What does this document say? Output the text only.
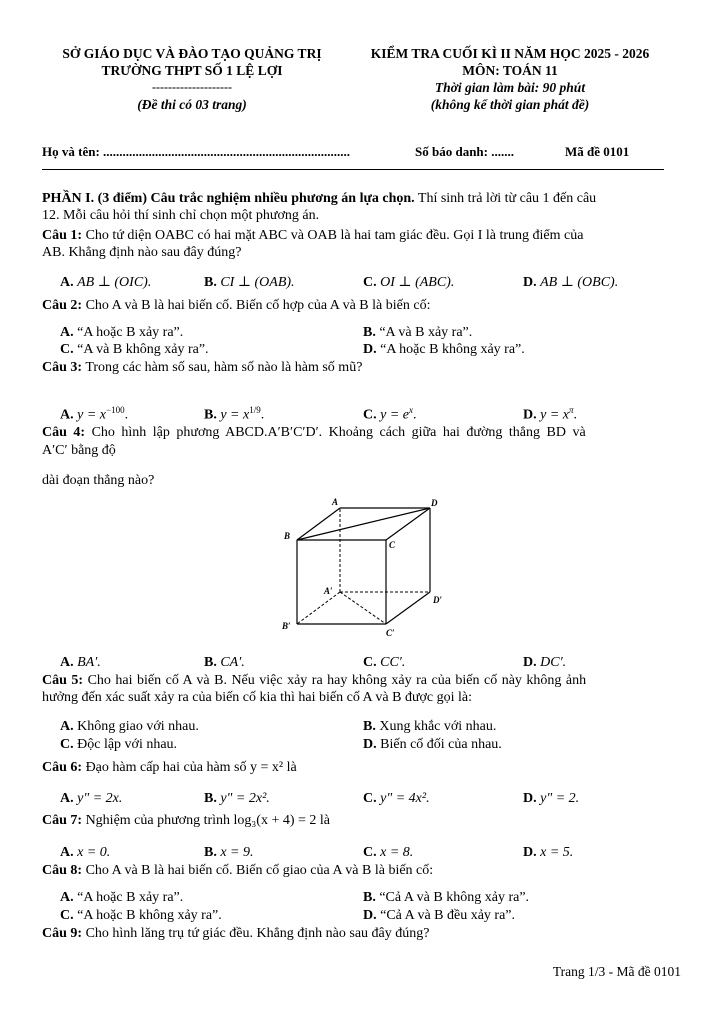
SỞ GIÁO DỤC VÀ ĐÀO TẠO QUẢNG TRỊ
TRƯỜNG THPT SỐ 1 LỆ LỢI
--------------------
(Đề thi có 03 trang)
KIỂM TRA CUỐI KÌ II NĂM HỌC 2025 - 2026
MÔN: TOÁN 11
Thời gian làm bài: 90 phút
(không kể thời gian phát đề)
Họ và tên: ............................................................................	Số báo danh: .......	Mã đề 0101
PHẦN I. (3 điểm) Câu trắc nghiệm nhiều phương án lựa chọn. Thí sinh trả lời từ câu 1 đến câu
12. Mỗi câu hỏi thí sinh chỉ chọn một phương án.
Câu 1: Cho tứ diện OABC có hai mặt ABC và OAB là hai tam giác đều. Gọi I là trung điểm của
AB. Khẳng định nào sau đây đúng?
A. AB ⊥ (OIC).	B. CI ⊥ (OAB).	C. OI ⊥ (ABC).	D. AB ⊥ (OBC).
Câu 2: Cho A và B là hai biến cố. Biến cố hợp của A và B là biến cố:
A. “A hoặc B xảy ra”.	B. “A và B xảy ra”.
C. “A và B không xảy ra”.	D. “A hoặc B không xảy ra”.
Câu 3: Trong các hàm số sau, hàm số nào là hàm số mũ?
A. $y = x^{-100}$.	B. $y = x^{1/9}$.	C. $y = e^x$.	D. $y = x^\pi$.
Câu 4: Cho hình lập phương ABCD.A′B′C′D′. Khoảng cách giữa hai đường thẳng BD và
A′C′ bằng độ
dài đoạn thẳng nào?
A	D
B
C
A′
D′
B′
C′
A. BA′.	B. CA′.	C. CC′.	D. DC′.
Câu 5: Cho hai biến cố A và B. Nếu việc xảy ra hay không xảy ra của biến cố này không ảnh
hưởng đến xác suất xảy ra của biến cố kia thì hai biến cố A và B được gọi là:
A. Không giao với nhau.	B. Xung khắc với nhau.
C. Độc lập với nhau.	D. Biến cố đối của nhau.
Câu 6: Đạo hàm cấp hai của hàm số y = x² là
A. y" = 2x.	B. y" = 2x².	C. y" = 4x².	D. y" = 2.
Câu 7: Nghiệm của phương trình log₃(x + 4) = 2 là
A. x = 0.	B. x = 9.	C. x = 8.	D. x = 5.
Câu 8: Cho A và B là hai biến cố. Biến cố giao của A và B là biến cố:
A. “A hoặc B xảy ra”.	B. “Cả A và B không xảy ra”.
C. “A hoặc B không xảy ra”.	D. “Cả A và B đều xảy ra”.
Câu 9: Cho hình lăng trụ tứ giác đều. Khẳng định nào sau đây đúng?
Trang 1/3 - Mã đề 0101
